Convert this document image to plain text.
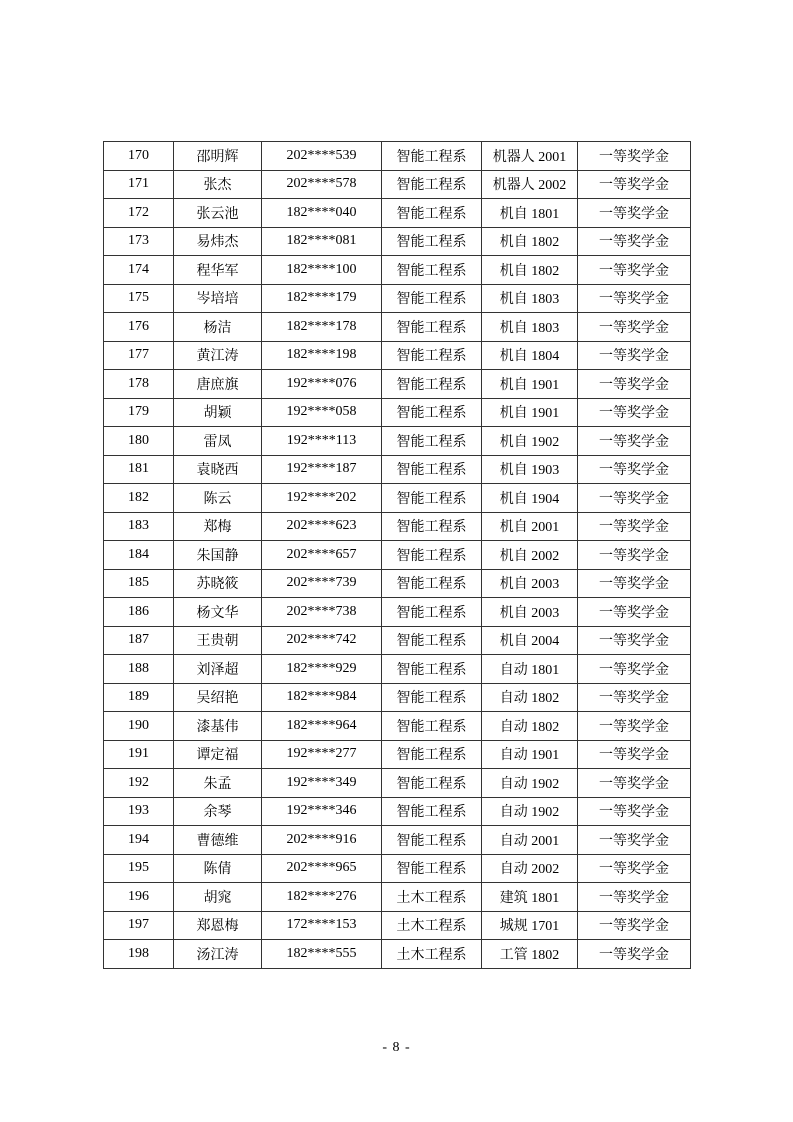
170	邵明辉	202****539	智能工程系	机器人 2001	一等奖学金
171	张杰	202****578	智能工程系	机器人 2002	一等奖学金
172	张云池	182****040	智能工程系	机自 1801	一等奖学金
173	易炜杰	182****081	智能工程系	机自 1802	一等奖学金
174	程华军	182****100	智能工程系	机自 1802	一等奖学金
175	岑培培	182****179	智能工程系	机自 1803	一等奖学金
176	杨洁	182****178	智能工程系	机自 1803	一等奖学金
177	黄江涛	182****198	智能工程系	机自 1804	一等奖学金
178	唐庶旗	192****076	智能工程系	机自 1901	一等奖学金
179	胡颖	192****058	智能工程系	机自 1901	一等奖学金
180	雷凤	192****113	智能工程系	机自 1902	一等奖学金
181	袁晓西	192****187	智能工程系	机自 1903	一等奖学金
182	陈云	192****202	智能工程系	机自 1904	一等奖学金
183	郑梅	202****623	智能工程系	机自 2001	一等奖学金
184	朱国静	202****657	智能工程系	机自 2002	一等奖学金
185	苏晓筱	202****739	智能工程系	机自 2003	一等奖学金
186	杨文华	202****738	智能工程系	机自 2003	一等奖学金
187	王贵朝	202****742	智能工程系	机自 2004	一等奖学金
188	刘泽超	182****929	智能工程系	自动 1801	一等奖学金
189	吴绍艳	182****984	智能工程系	自动 1802	一等奖学金
190	漆基伟	182****964	智能工程系	自动 1802	一等奖学金
191	谭定福	192****277	智能工程系	自动 1901	一等奖学金
192	朱孟	192****349	智能工程系	自动 1902	一等奖学金
193	余琴	192****346	智能工程系	自动 1902	一等奖学金
194	曹德维	202****916	智能工程系	自动 2001	一等奖学金
195	陈倩	202****965	智能工程系	自动 2002	一等奖学金
196	胡窕	182****276	土木工程系	建筑 1801	一等奖学金
197	郑恩梅	172****153	土木工程系	城规 1701	一等奖学金
198	汤江涛	182****555	土木工程系	工管 1802	一等奖学金
- 8 -
